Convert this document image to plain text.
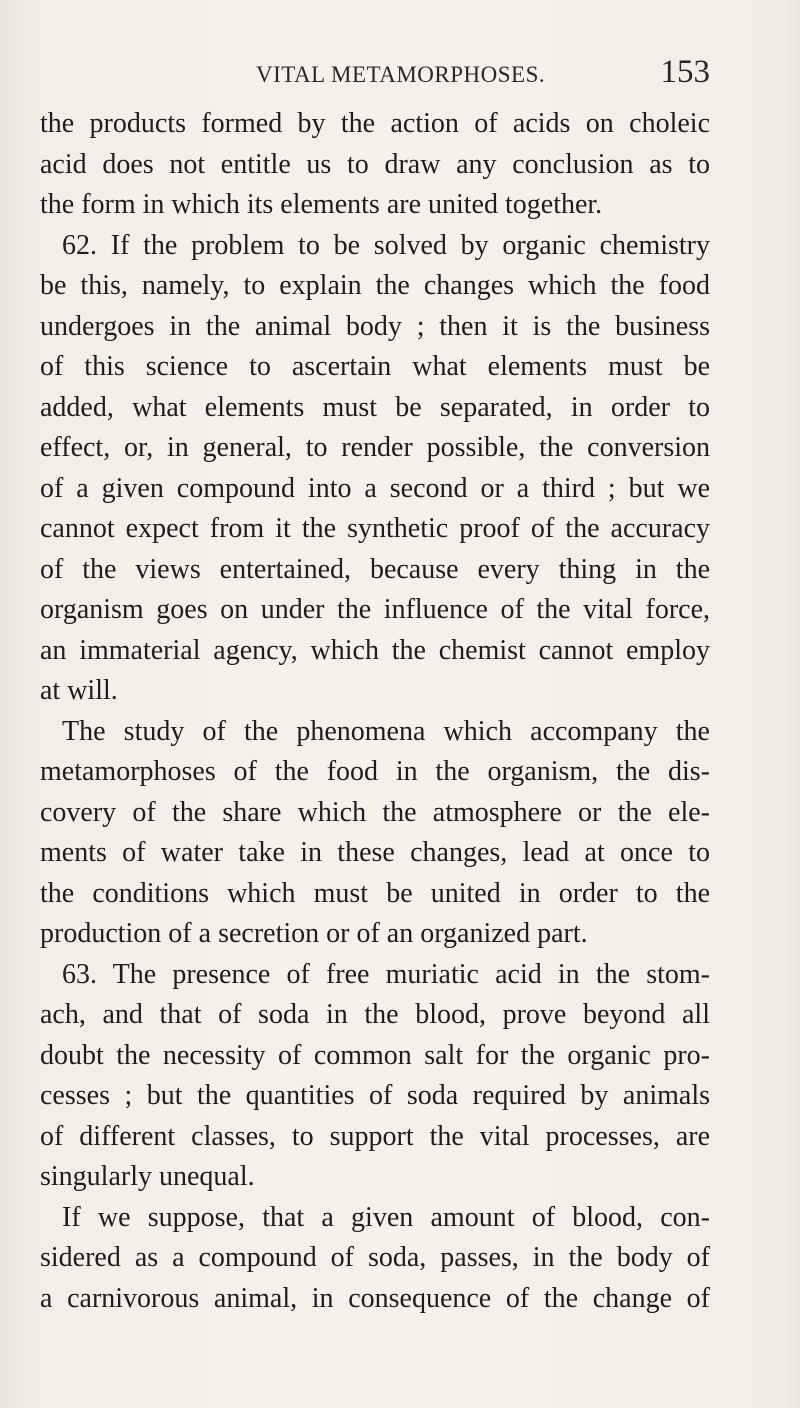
VITAL METAMORPHOSES.	153
the products formed by the action of acids on choleic
acid does not entitle us to draw any conclusion as to
the form in which its elements are united together.
62. If the problem to be solved by organic chemistry
be this, namely, to explain the changes which the food
undergoes in the animal body ; then it is the business
of this science to ascertain what elements must be
added, what elements must be separated, in order to
effect, or, in general, to render possible, the conversion
of a given compound into a second or a third ; but we
cannot expect from it the synthetic proof of the accuracy
of the views entertained, because every thing in the
organism goes on under the influence of the vital force,
an immaterial agency, which the chemist cannot employ
at will.
The study of the phenomena which accompany the
metamorphoses of the food in the organism, the dis-
covery of the share which the atmosphere or the ele-
ments of water take in these changes, lead at once to
the conditions which must be united in order to the
production of a secretion or of an organized part.
63. The presence of free muriatic acid in the stom-
ach, and that of soda in the blood, prove beyond all
doubt the necessity of common salt for the organic pro-
cesses ; but the quantities of soda required by animals
of different classes, to support the vital processes, are
singularly unequal.
If we suppose, that a given amount of blood, con-
sidered as a compound of soda, passes, in the body of
a carnivorous animal, in consequence of the change of
